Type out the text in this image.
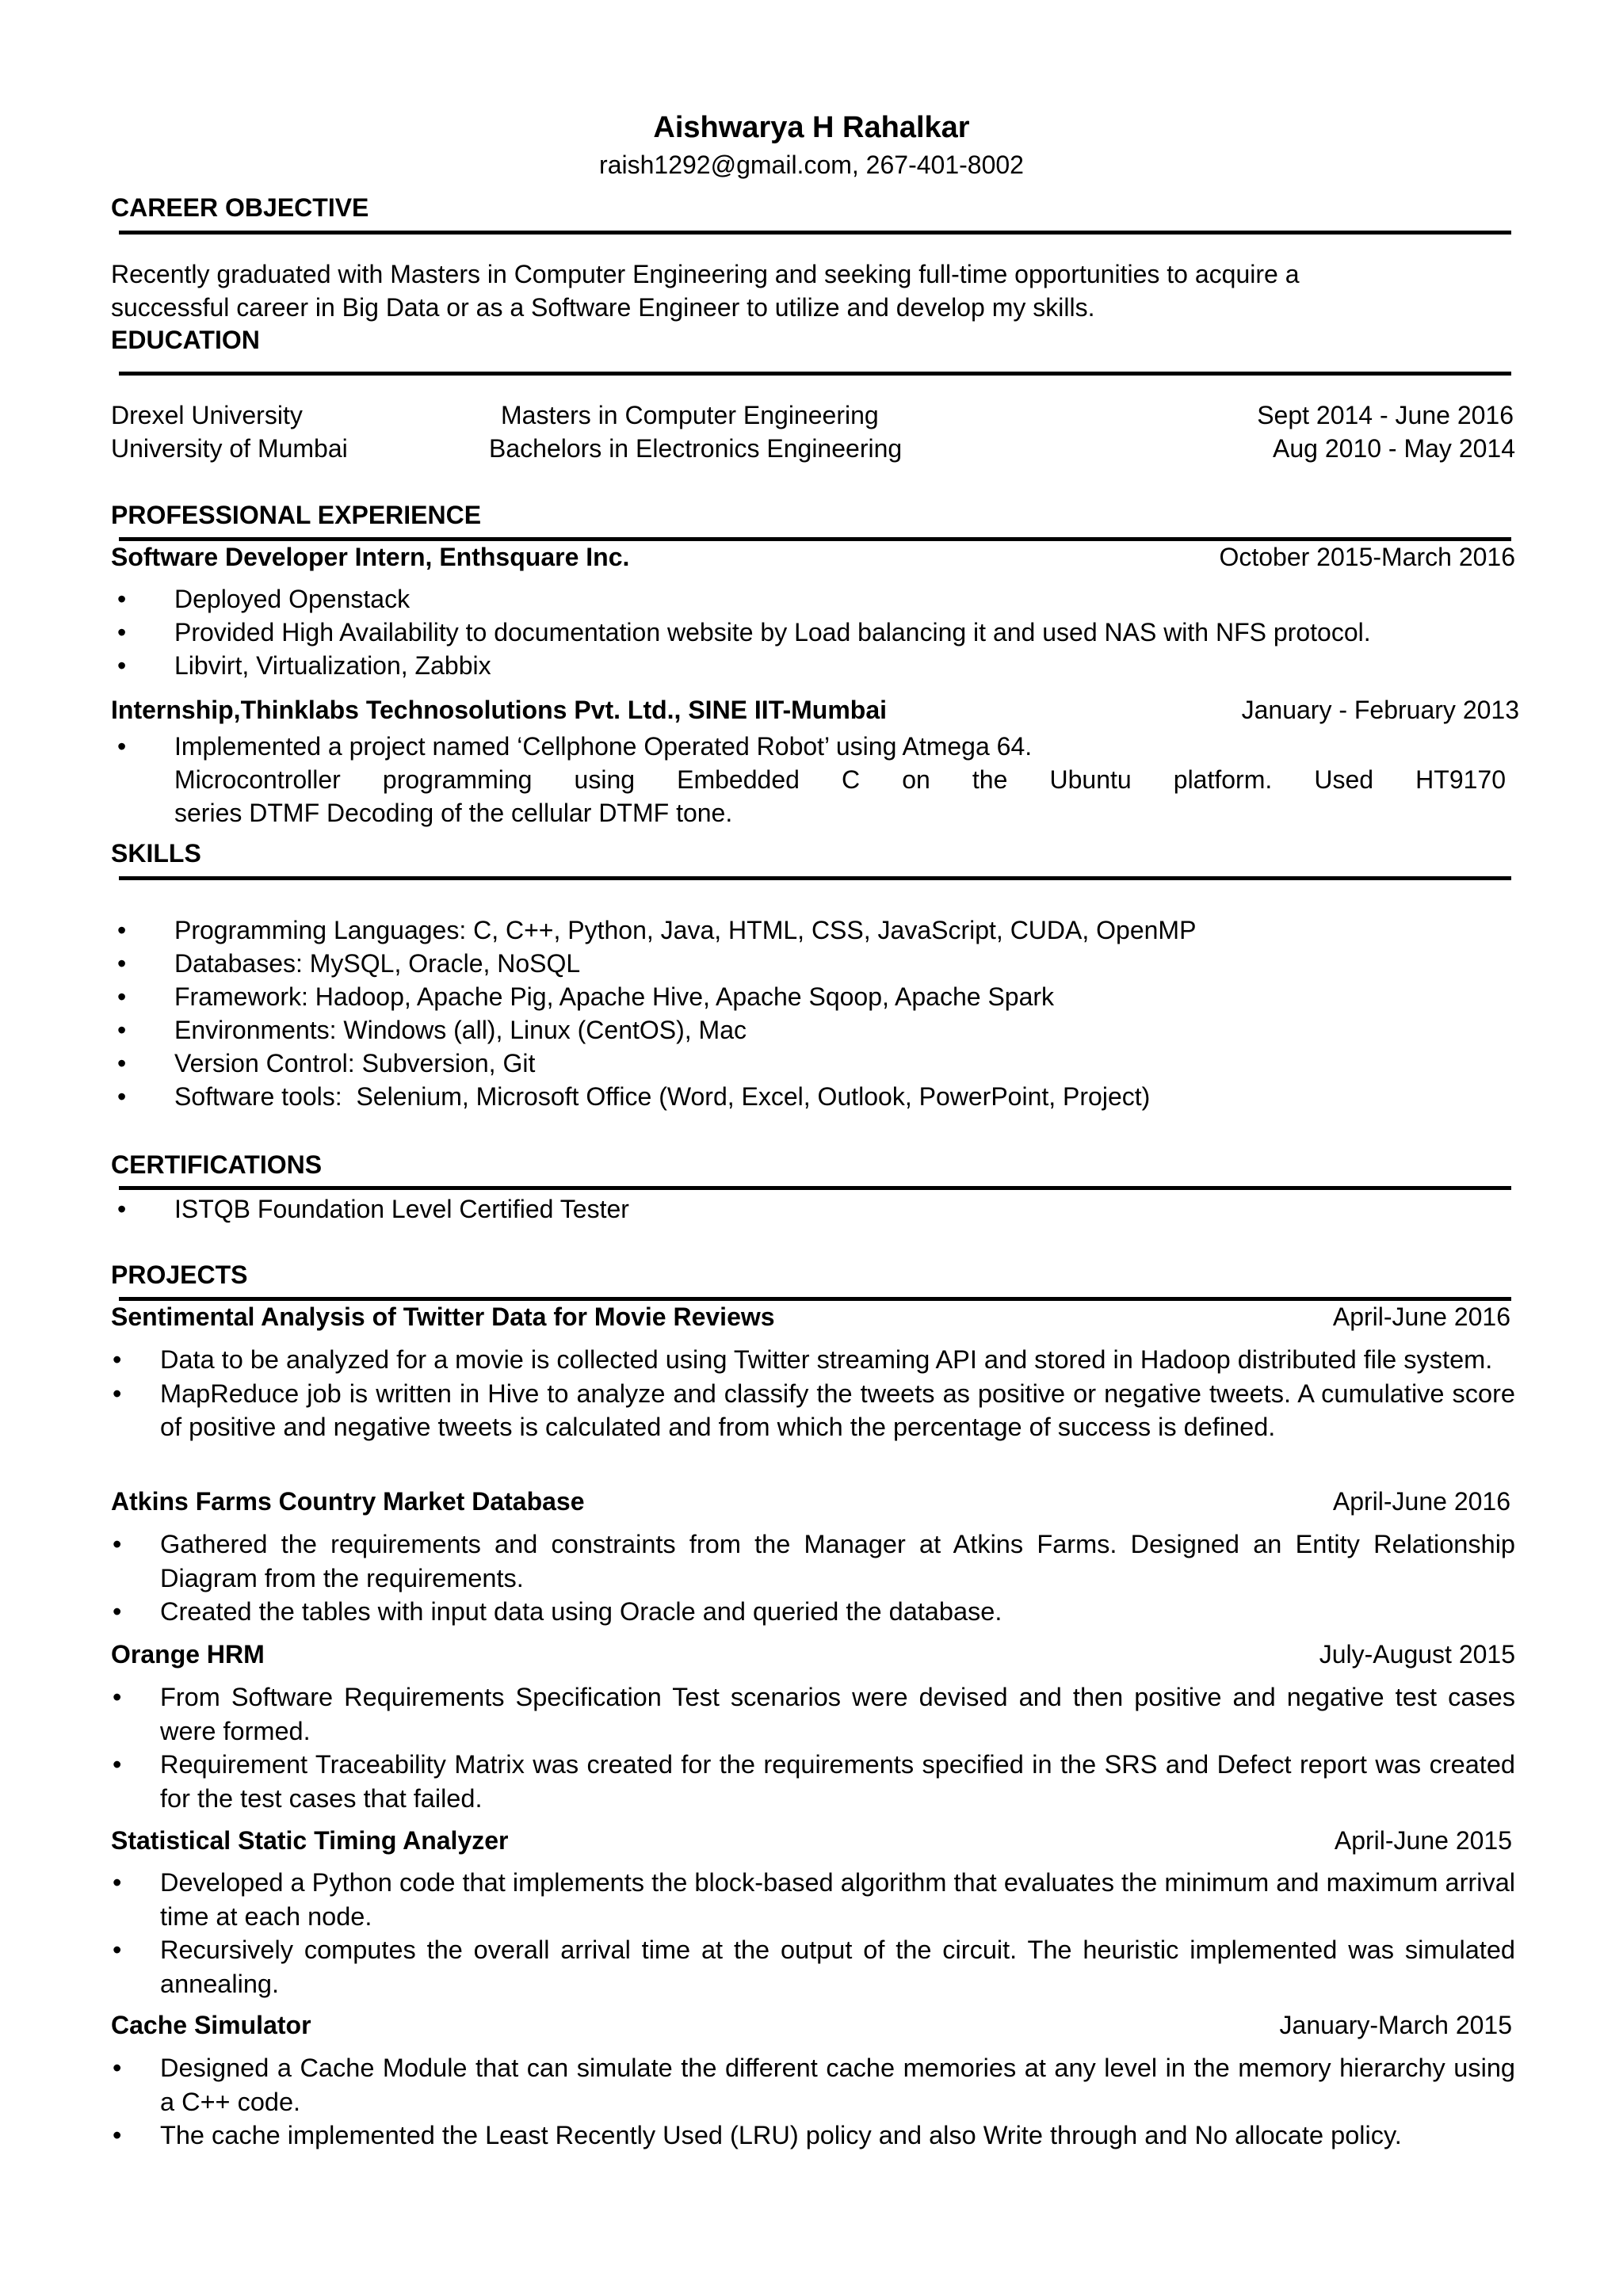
Aishwarya H Rahalkar
raish1292@gmail.com, 267-401-8002
CAREER OBJECTIVE
Recently graduated with Masters in Computer Engineering and seeking full-time opportunities to acquire a
successful career in Big Data or as a Software Engineer to utilize and develop my skills.
EDUCATION
Drexel University	Masters in Computer Engineering	Sept 2014 - June 2016
University of Mumbai	Bachelors in Electronics Engineering	Aug 2010 - May 2014
PROFESSIONAL EXPERIENCE
Software Developer Intern, Enthsquare Inc.	October 2015-March 2016
• Deployed Openstack
• Provided High Availability to documentation website by Load balancing it and used NAS with NFS protocol.
• Libvirt, Virtualization, Zabbix
Internship,Thinklabs Technosolutions Pvt. Ltd., SINE IIT-Mumbai	January - February 2013
• Implemented a project named ‘Cellphone Operated Robot’ using Atmega 64.
Microcontroller programming using Embedded C on the Ubuntu platform. Used HT9170
series DTMF Decoding of the cellular DTMF tone.
SKILLS
• Programming Languages: C, C++, Python, Java, HTML, CSS, JavaScript, CUDA, OpenMP
• Databases: MySQL, Oracle, NoSQL
• Framework: Hadoop, Apache Pig, Apache Hive, Apache Sqoop, Apache Spark
• Environments: Windows (all), Linux (CentOS), Mac
• Version Control: Subversion, Git
• Software tools:  Selenium, Microsoft Office (Word, Excel, Outlook, PowerPoint, Project)
CERTIFICATIONS
• ISTQB Foundation Level Certified Tester
PROJECTS
Sentimental Analysis of Twitter Data for Movie Reviews	April-June 2016
• Data to be analyzed for a movie is collected using Twitter streaming API and stored in Hadoop distributed file system.
• MapReduce job is written in Hive to analyze and classify the tweets as positive or negative tweets. A cumulative score of positive and negative tweets is calculated and from which the percentage of success is defined.
Atkins Farms Country Market Database	April-June 2016
• Gathered the requirements and constraints from the Manager at Atkins Farms. Designed an Entity Relationship Diagram from the requirements.
• Created the tables with input data using Oracle and queried the database.
Orange HRM	July-August 2015
• From Software Requirements Specification Test scenarios were devised and then positive and negative test cases were formed.
• Requirement Traceability Matrix was created for the requirements specified in the SRS and Defect report was created for the test cases that failed.
Statistical Static Timing Analyzer	April-June 2015
• Developed a Python code that implements the block-based algorithm that evaluates the minimum and maximum arrival time at each node.
• Recursively computes the overall arrival time at the output of the circuit. The heuristic implemented was simulated annealing.
Cache Simulator	January-March 2015
• Designed a Cache Module that can simulate the different cache memories at any level in the memory hierarchy using a C++ code.
• The cache implemented the Least Recently Used (LRU) policy and also Write through and No allocate policy.
